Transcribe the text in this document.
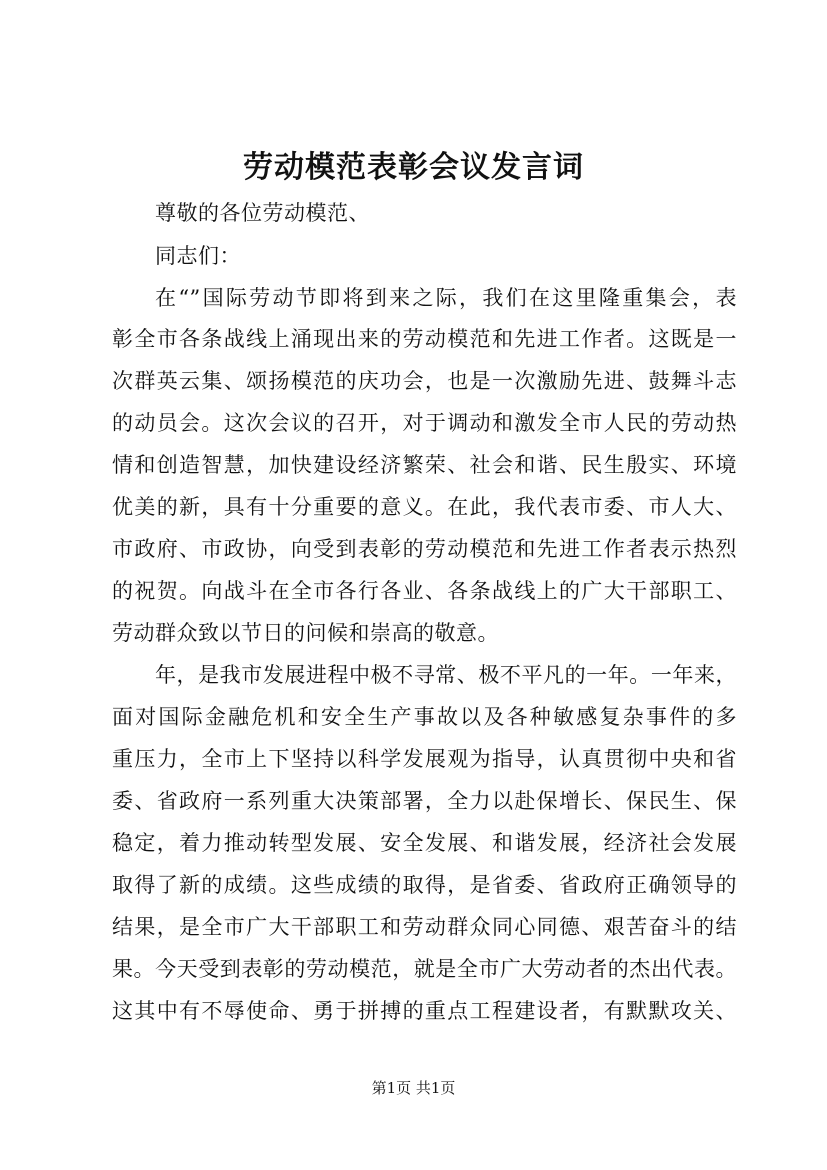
劳动模范表彰会议发言词
尊敬的各位劳动模范、
同志们：
在“”国际劳动节即将到来之际，我们在这里隆重集会，表
彰全市各条战线上涌现出来的劳动模范和先进工作者。这既是一
次群英云集、颂扬模范的庆功会，也是一次激励先进、鼓舞斗志
的动员会。这次会议的召开，对于调动和激发全市人民的劳动热
情和创造智慧，加快建设经济繁荣、社会和谐、民生殷实、环境
优美的新，具有十分重要的意义。在此，我代表市委、市人大、
市政府、市政协，向受到表彰的劳动模范和先进工作者表示热烈
的祝贺。向战斗在全市各行各业、各条战线上的广大干部职工、
劳动群众致以节日的问候和崇高的敬意。
年，是我市发展进程中极不寻常、极不平凡的一年。一年来，
面对国际金融危机和安全生产事故以及各种敏感复杂事件的多
重压力，全市上下坚持以科学发展观为指导，认真贯彻中央和省
委、省政府一系列重大决策部署，全力以赴保增长、保民生、保
稳定，着力推动转型发展、安全发展、和谐发展，经济社会发展
取得了新的成绩。这些成绩的取得，是省委、省政府正确领导的
结果，是全市广大干部职工和劳动群众同心同德、艰苦奋斗的结
果。今天受到表彰的劳动模范，就是全市广大劳动者的杰出代表。
这其中有不辱使命、勇于拼搏的重点工程建设者，有默默攻关、
第1页 共1页
